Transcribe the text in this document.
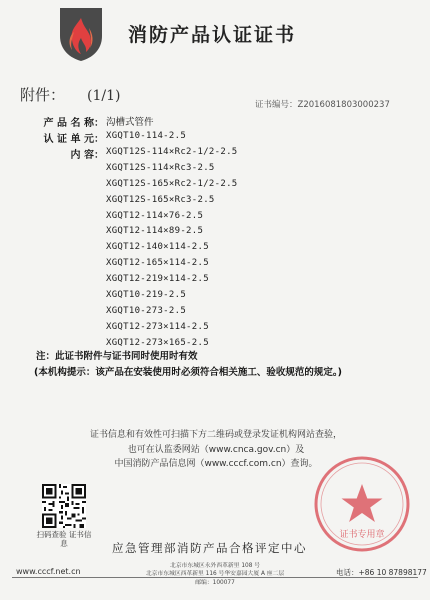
消防产品认证证书
附件： (1/1)
证书编号：Z2016081803000237
产 品 名 称： 沟槽式管件
认 证 单 元： XGQT10-114-2.5
内 容： XGQT12S-114×Rc2-1/2-2.5
XGQT12S-114×Rc3-2.5
XGQT12S-165×Rc2-1/2-2.5
XGQT12S-165×Rc3-2.5
XGQT12-114×76-2.5
XGQT12-114×89-2.5
XGQT12-140×114-2.5
XGQT12-165×114-2.5
XGQT12-219×114-2.5
XGQT10-219-2.5
XGQT10-273-2.5
XGQT12-273×114-2.5
XGQT12-273×165-2.5
注：此证书附件与证书同时使用时有效
(本机构提示：该产品在安装使用时必须符合相关施工、验收规范的规定。)
证书信息和有效性可扫描下方二维码或登录发证机构网站查验，
也可在认监委网站（www.cnca.gov.cn）及
中国消防产品信息网（www.cccf.com.cn）查询。
扫码查验 证书信息
证书专用章
应急管理部消防产品合格评定中心
www.cccf.net.cn
北京市东城区永外西革新里 108 号
北京市东城区西革新里 116 号华安嘉园大厦 A 座二层
邮编：100077
电话：+86 10 87898177
